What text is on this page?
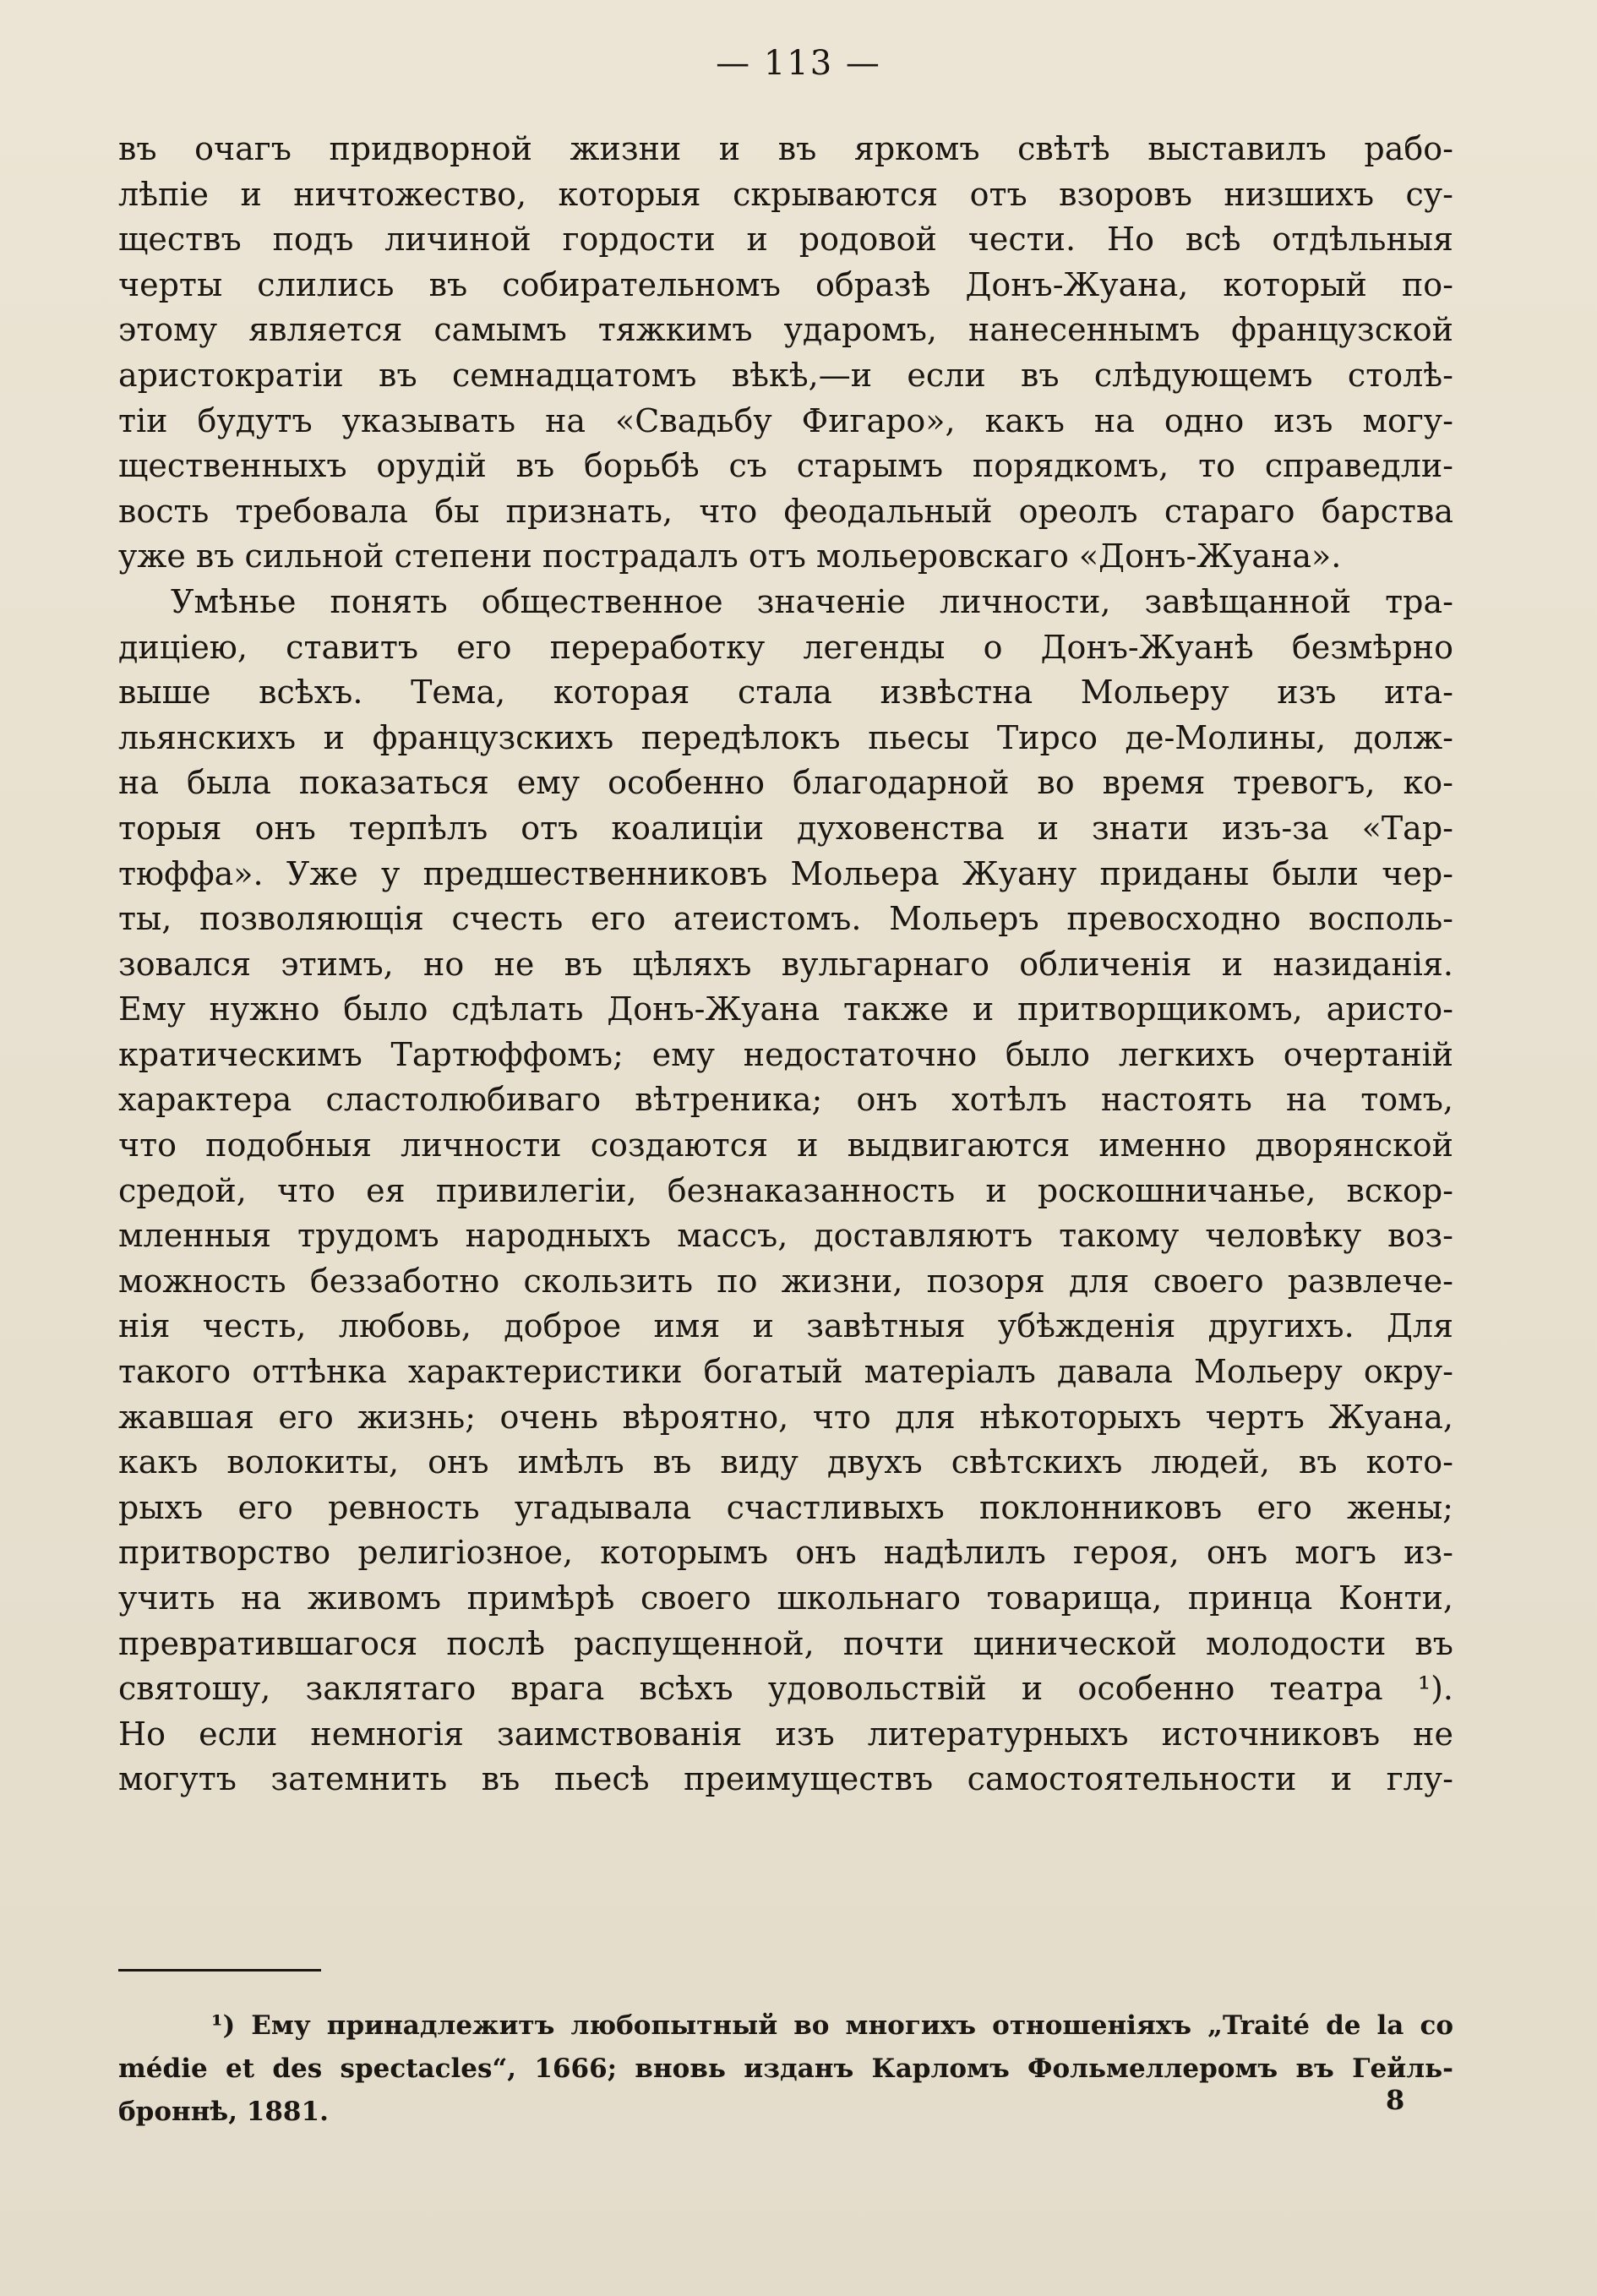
— 113 —
въ очагъ придворной жизни и въ яркомъ свѣтѣ выставилъ рабо-
лѣпіе и ничтожество, которыя скрываются отъ взоровъ низшихъ су-
ществъ подъ личиной гордости и родовой чести. Но всѣ отдѣльныя
черты слились въ собирательномъ образѣ Донъ-Жуана, который по-
этому является самымъ тяжкимъ ударомъ, нанесеннымъ французской
аристократіи въ семнадцатомъ вѣкѣ,—и если въ слѣдующемъ столѣ-
тіи будутъ указывать на «Свадьбу Фигаро», какъ на одно изъ могу-
щественныхъ орудій въ борьбѣ съ старымъ порядкомъ, то справедли-
вость требовала бы признать, что феодальный ореолъ стараго барства
уже въ сильной степени пострадалъ отъ мольеровскаго «Донъ-Жуана».
Умѣнье понять общественное значеніе личности, завѣщанной тра-
дицiею, ставитъ его переработку легенды о Донъ-Жуанѣ безмѣрно
выше всѣхъ. Тема, которая стала извѣстна Мольеру изъ ита-
льянскихъ и французскихъ передѣлокъ пьесы Тирсо де-Молины, долж-
на была показаться ему особенно благодарной во время тревогъ, ко-
торыя онъ терпѣлъ отъ коалиціи духовенства и знати изъ-за «Тар-
тюффа». Уже у предшественниковъ Мольера Жуану приданы были чер-
ты, позволяющія счесть его атеистомъ. Мольеръ превосходно восполь-
зовался этимъ, но не въ цѣляхъ вульгарнаго обличенія и назиданія.
Ему нужно было сдѣлать Донъ-Жуана также и притворщикомъ, аристо-
кратическимъ Тартюффомъ; ему недостаточно было легкихъ очертаній
характера сластолюбиваго вѣтреника; онъ хотѣлъ настоять на томъ,
что подобныя личности создаются и выдвигаются именно дворянской
средой, что ея привилегіи, безнаказанность и роскошничанье, вскор-
мленныя трудомъ народныхъ массъ, доставляютъ такому человѣку воз-
можность беззаботно скользить по жизни, позоря для своего развлече-
нія честь, любовь, доброе имя и завѣтныя убѣжденія другихъ. Для
такого оттѣнка характеристики богатый матеріалъ давала Мольеру окру-
жавшая его жизнь; очень вѣроятно, что для нѣкоторыхъ чертъ Жуана,
какъ волокиты, онъ имѣлъ въ виду двухъ свѣтскихъ людей, въ кото-
рыхъ его ревность угадывала счастливыхъ поклонниковъ его жены;
притворство религіозное, которымъ онъ надѣлилъ героя, онъ могъ из-
учить на живомъ примѣрѣ своего школьнаго товарища, принца Конти,
превратившагося послѣ распущенной, почти цинической молодости въ
святошу, заклятаго врага всѣхъ удовольствій и особенно театра ¹).
Но если немногія заимствованія изъ литературныхъ источниковъ не
могутъ затемнить въ пьесѣ преимуществъ самостоятельности и глу-
¹) Ему принадлежитъ любопытный во многихъ отношеніяхъ „Traité de la co
médie et des spectacles“, 1666; вновь изданъ Карломъ Фольмеллеромъ въ Гейль-
броннѣ, 1881.	8
